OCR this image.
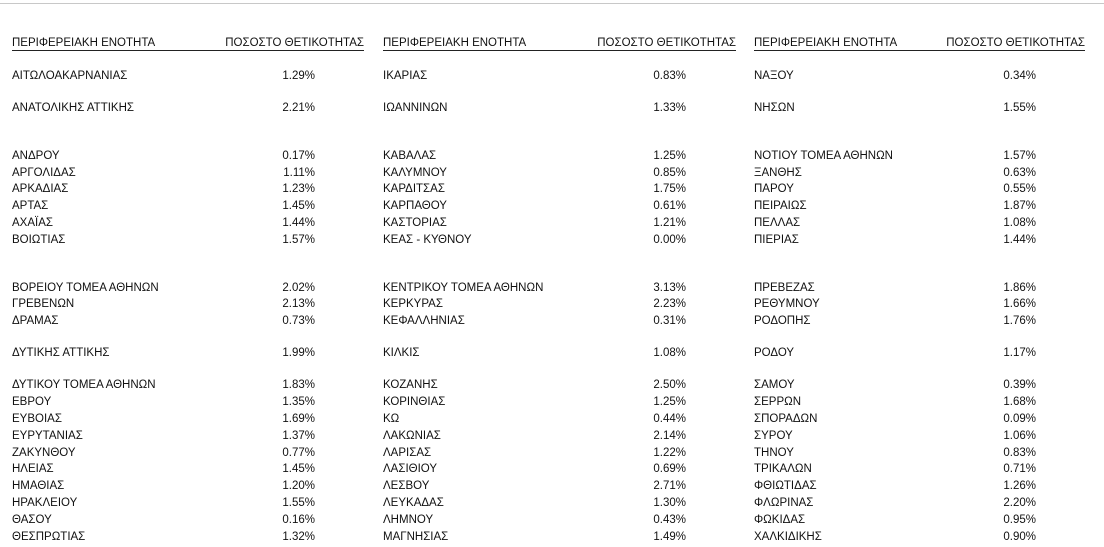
ΠΕΡΙΦΕΡΕΙΑΚΗ ΕΝΟΤΗΤΑ	ΠΟΣΟΣΤΟ ΘΕΤΙΚΟΤΗΤΑΣ
ΑΙΤΩΛΟΑΚΑΡΝΑΝΙΑΣ	1.29%
ΑΝΑΤΟΛΙΚΗΣ ΑΤΤΙΚΗΣ	2.21%
ΑΝΔΡΟΥ	0.17%
ΑΡΓΟΛΙΔΑΣ	1.11%
ΑΡΚΑΔΙΑΣ	1.23%
ΑΡΤΑΣ	1.45%
ΑΧΑΪΑΣ	1.44%
ΒΟΙΩΤΙΑΣ	1.57%
ΒΟΡΕΙΟΥ ΤΟΜΕΑ ΑΘΗΝΩΝ	2.02%
ΓΡΕΒΕΝΩΝ	2.13%
ΔΡΑΜΑΣ	0.73%
ΔΥΤΙΚΗΣ ΑΤΤΙΚΗΣ	1.99%
ΔΥΤΙΚΟΥ ΤΟΜΕΑ ΑΘΗΝΩΝ	1.83%
ΕΒΡΟΥ	1.35%
ΕΥΒΟΙΑΣ	1.69%
ΕΥΡΥΤΑΝΙΑΣ	1.37%
ΖΑΚΥΝΘΟΥ	0.77%
ΗΛΕΙΑΣ	1.45%
ΗΜΑΘΙΑΣ	1.20%
ΗΡΑΚΛΕΙΟΥ	1.55%
ΘΑΣΟΥ	0.16%
ΘΕΣΠΡΩΤΙΑΣ	1.32%
ΠΕΡΙΦΕΡΕΙΑΚΗ ΕΝΟΤΗΤΑ	ΠΟΣΟΣΤΟ ΘΕΤΙΚΟΤΗΤΑΣ
ΙΚΑΡΙΑΣ	0.83%
ΙΩΑΝΝΙΝΩΝ	1.33%
ΚΑΒΑΛΑΣ	1.25%
ΚΑΛΥΜΝΟΥ	0.85%
ΚΑΡΔΙΤΣΑΣ	1.75%
ΚΑΡΠΑΘΟΥ	0.61%
ΚΑΣΤΟΡΙΑΣ	1.21%
ΚΕΑΣ - ΚΥΘΝΟΥ	0.00%
ΚΕΝΤΡΙΚΟΥ ΤΟΜΕΑ ΑΘΗΝΩΝ	3.13%
ΚΕΡΚΥΡΑΣ	2.23%
ΚΕΦΑΛΛΗΝΙΑΣ	0.31%
ΚΙΛΚΙΣ	1.08%
ΚΟΖΑΝΗΣ	2.50%
ΚΟΡΙΝΘΙΑΣ	1.25%
ΚΩ	0.44%
ΛΑΚΩΝΙΑΣ	2.14%
ΛΑΡΙΣΑΣ	1.22%
ΛΑΣΙΘΙΟΥ	0.69%
ΛΕΣΒΟΥ	2.71%
ΛΕΥΚΑΔΑΣ	1.30%
ΛΗΜΝΟΥ	0.43%
ΜΑΓΝΗΣΙΑΣ	1.49%
ΠΕΡΙΦΕΡΕΙΑΚΗ ΕΝΟΤΗΤΑ	ΠΟΣΟΣΤΟ ΘΕΤΙΚΟΤΗΤΑΣ
ΝΑΞΟΥ	0.34%
ΝΗΣΩΝ	1.55%
ΝΟΤΙΟΥ ΤΟΜΕΑ ΑΘΗΝΩΝ	1.57%
ΞΑΝΘΗΣ	0.63%
ΠΑΡΟΥ	0.55%
ΠΕΙΡΑΙΩΣ	1.87%
ΠΕΛΛΑΣ	1.08%
ΠΙΕΡΙΑΣ	1.44%
ΠΡΕΒΕΖΑΣ	1.86%
ΡΕΘΥΜΝΟΥ	1.66%
ΡΟΔΟΠΗΣ	1.76%
ΡΟΔΟΥ	1.17%
ΣΑΜΟΥ	0.39%
ΣΕΡΡΩΝ	1.68%
ΣΠΟΡΑΔΩΝ	0.09%
ΣΥΡΟΥ	1.06%
ΤΗΝΟΥ	0.83%
ΤΡΙΚΑΛΩΝ	0.71%
ΦΘΙΩΤΙΔΑΣ	1.26%
ΦΛΩΡΙΝΑΣ	2.20%
ΦΩΚΙΔΑΣ	0.95%
ΧΑΛΚΙΔΙΚΗΣ	0.90%
